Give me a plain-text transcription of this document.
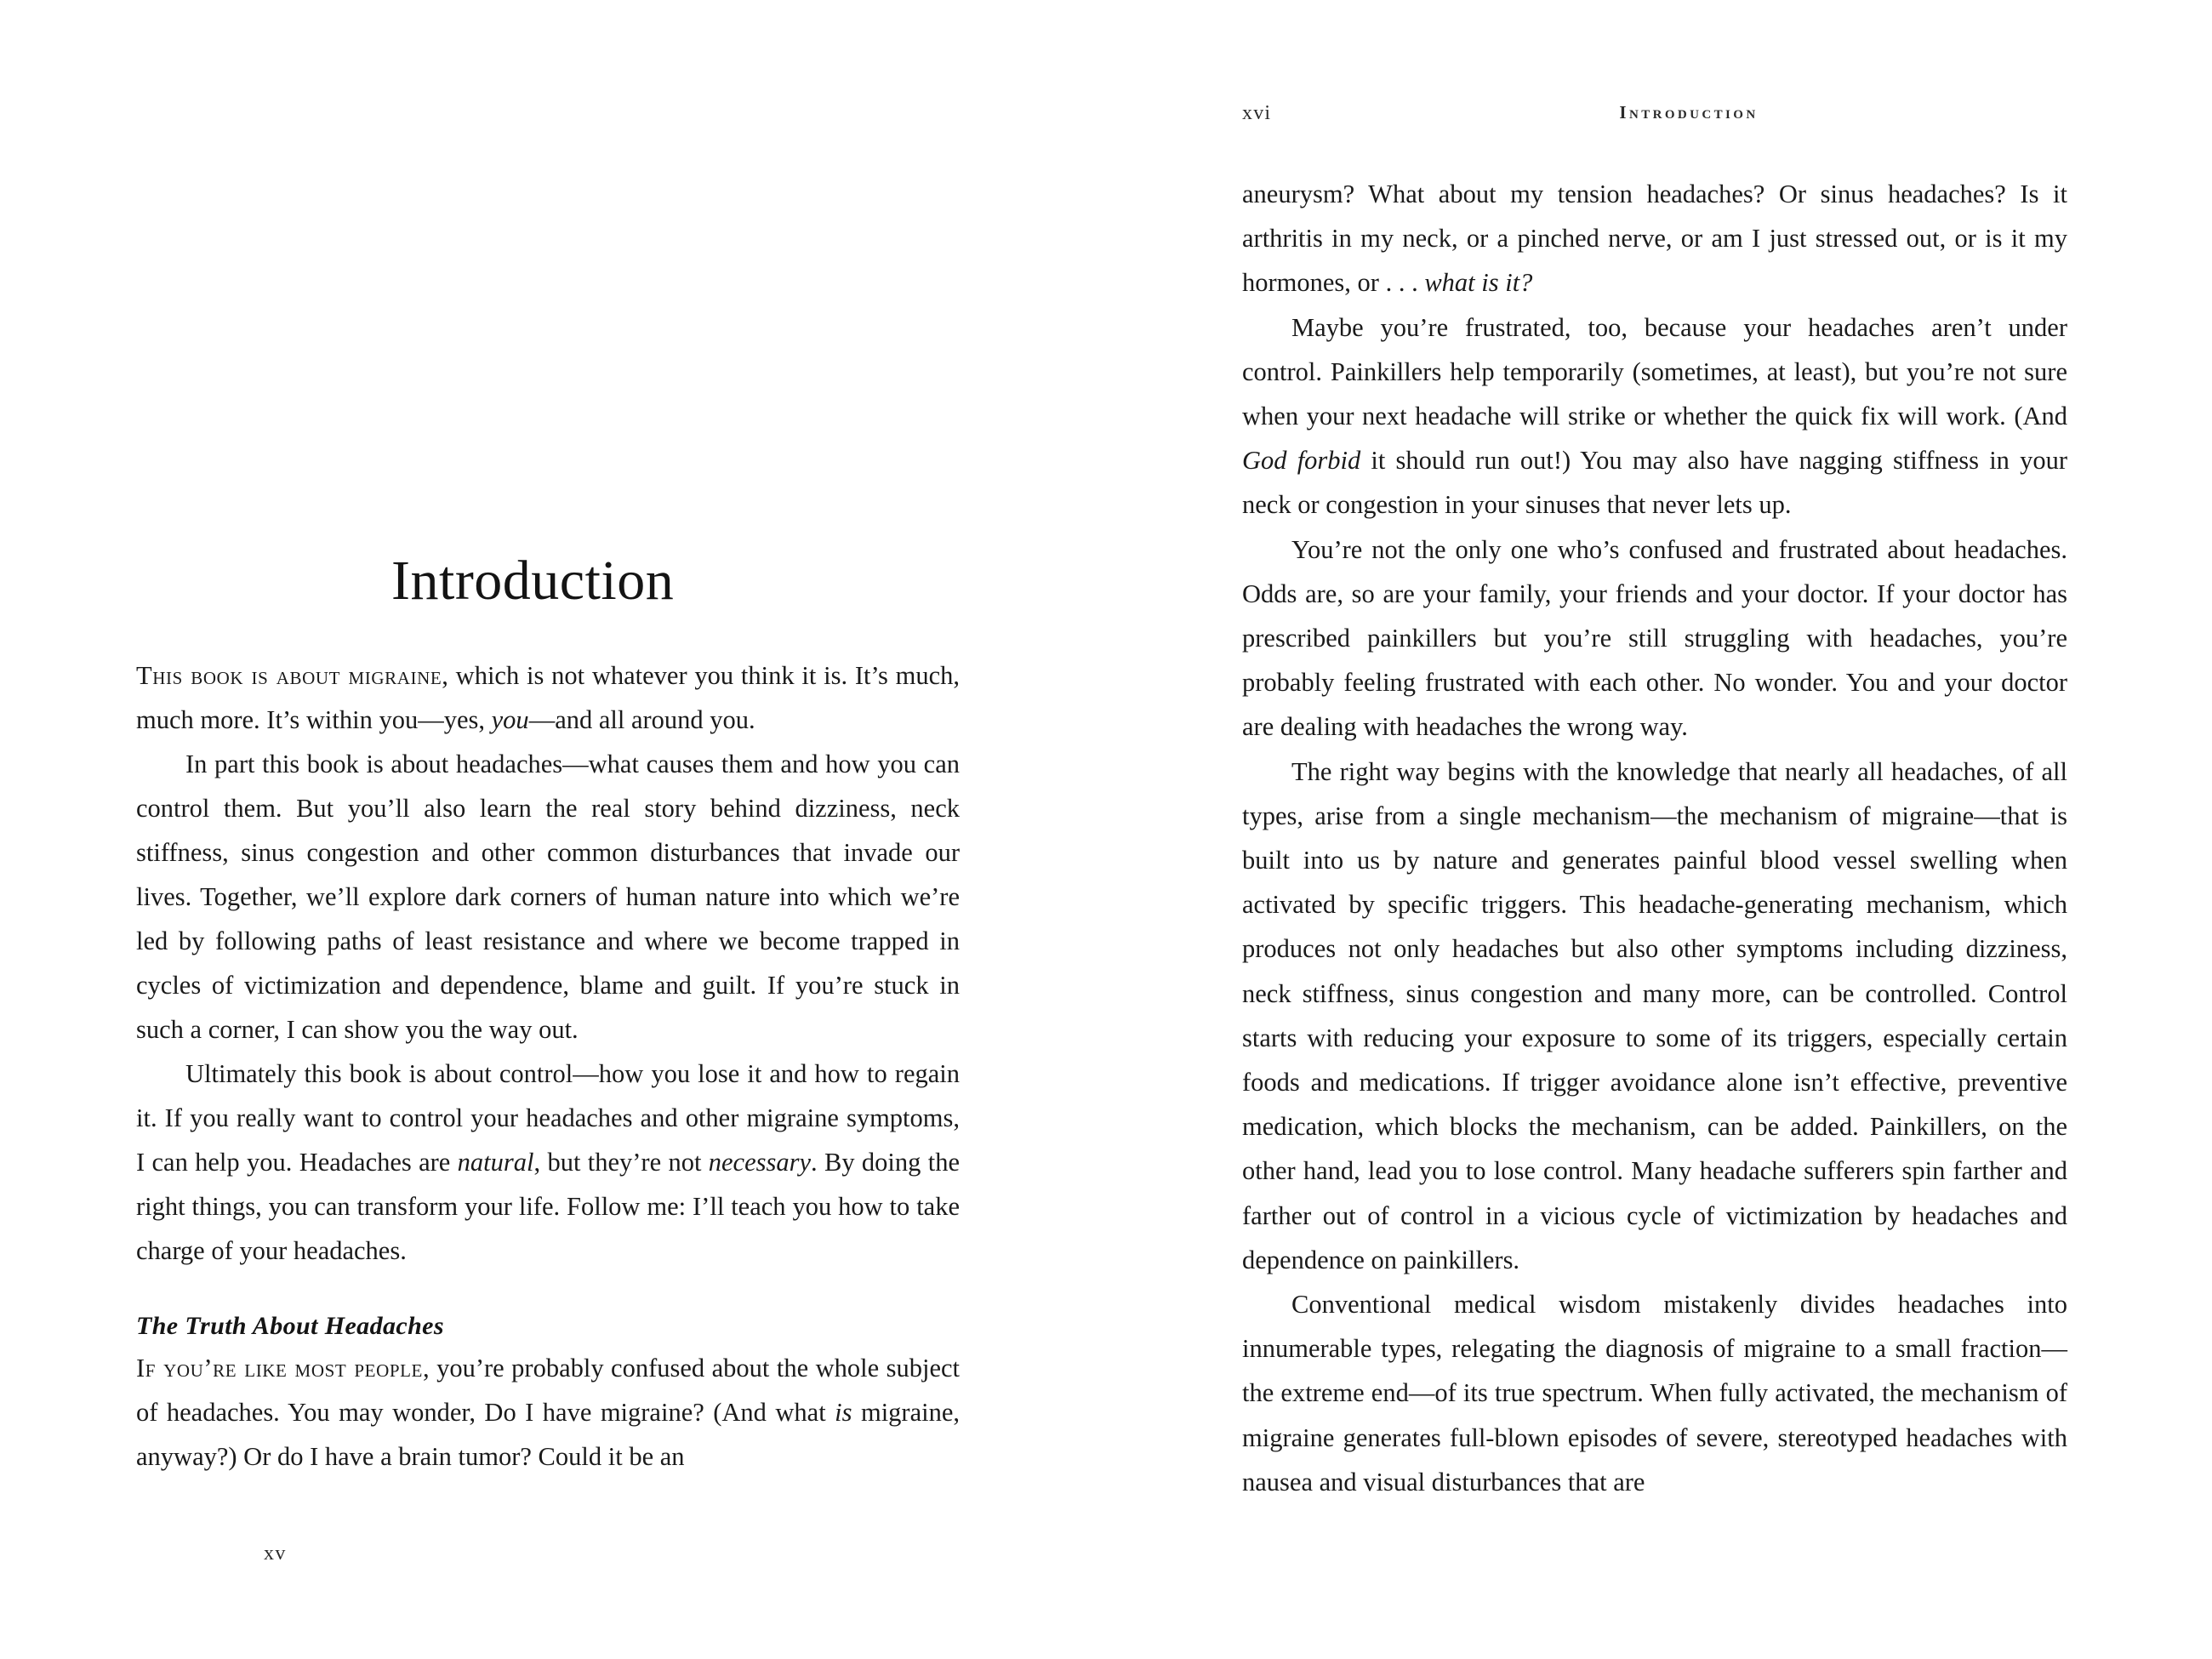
Introduction

This book is about migraine, which is not whatever you think it is. It’s much, much more. It’s within you—yes, you—and all around you.

In part this book is about headaches—what causes them and how you can control them. But you’ll also learn the real story behind dizziness, neck stiffness, sinus congestion and other common disturbances that invade our lives. Together, we’ll explore dark corners of human nature into which we’re led by following paths of least resistance and where we become trapped in cycles of victimization and dependence, blame and guilt. If you’re stuck in such a corner, I can show you the way out.

Ultimately this book is about control—how you lose it and how to regain it. If you really want to control your headaches and other migraine symptoms, I can help you. Headaches are natural, but they’re not necessary. By doing the right things, you can transform your life. Follow me: I’ll teach you how to take charge of your headaches.

The Truth About Headaches

If you’re like most people, you’re probably confused about the whole subject of headaches. You may wonder, Do I have migraine? (And what is migraine, anyway?) Or do I have a brain tumor? Could it be an

xv
xvi	Introduction

aneurysm? What about my tension headaches? Or sinus headaches? Is it arthritis in my neck, or a pinched nerve, or am I just stressed out, or is it my hormones, or . . . what is it?

Maybe you’re frustrated, too, because your headaches aren’t under control. Painkillers help temporarily (sometimes, at least), but you’re not sure when your next headache will strike or whether the quick fix will work. (And God forbid it should run out!) You may also have nagging stiffness in your neck or congestion in your sinuses that never lets up.

You’re not the only one who’s confused and frustrated about headaches. Odds are, so are your family, your friends and your doctor. If your doctor has prescribed painkillers but you’re still struggling with headaches, you’re probably feeling frustrated with each other. No wonder. You and your doctor are dealing with headaches the wrong way.

The right way begins with the knowledge that nearly all headaches, of all types, arise from a single mechanism—the mechanism of migraine—that is built into us by nature and generates painful blood vessel swelling when activated by specific triggers. This headache-generating mechanism, which produces not only headaches but also other symptoms including dizziness, neck stiffness, sinus congestion and many more, can be controlled. Control starts with reducing your exposure to some of its triggers, especially certain foods and medications. If trigger avoidance alone isn’t effective, preventive medication, which blocks the mechanism, can be added. Painkillers, on the other hand, lead you to lose control. Many headache sufferers spin farther and farther out of control in a vicious cycle of victimization by headaches and dependence on painkillers.

Conventional medical wisdom mistakenly divides headaches into innumerable types, relegating the diagnosis of migraine to a small fraction—the extreme end—of its true spectrum. When fully activated, the mechanism of migraine generates full-blown episodes of severe, stereotyped headaches with nausea and visual disturbances that are
